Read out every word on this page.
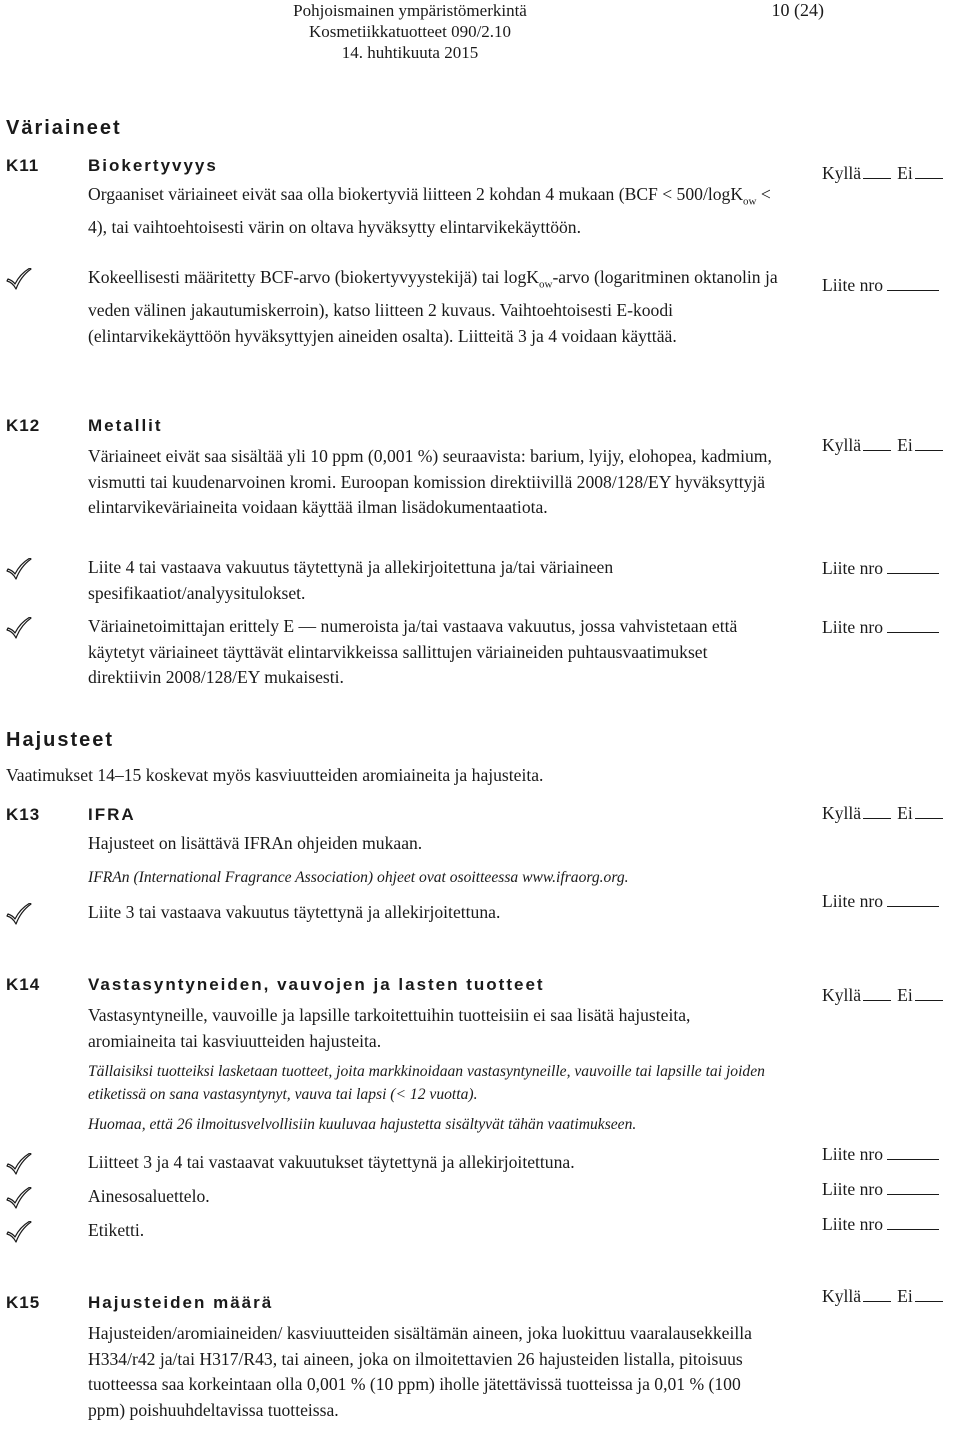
Pohjoismainen ympäristömerkintä
Kosmetiikkatuotteet 090/2.10
14. huhtikuuta 2015
10 (24)
Väriaineet
K11	Biokertyvyys
Orgaaniset väriaineet eivät saa olla biokertyviä liitteen 2 kohdan 4 mukaan (BCF < 500/logK$_{ow}$ < 4), tai vaihtoehtoisesti värin on oltava hyväksytty elintarvikekäyttöön.
Kokeellisesti määritetty BCF-arvo (biokertyvyystekijä) tai logK$_{ow}$-arvo (logaritminen oktanolin ja veden välinen jakautumiskerroin), katso liitteen 2 kuvaus. Vaihtoehtoisesti E-koodi (elintarvikekäyttöön hyväksyttyjen aineiden osalta). Liitteitä 3 ja 4 voidaan käyttää.
Kyllä Ei
Liite nro
K12	Metallit
Väriaineet eivät saa sisältää yli 10 ppm (0,001 %) seuraavista: barium, lyijy, elohopea, kadmium, vismutti tai kuudenarvoinen kromi. Euroopan komission direktiivillä 2008/128/EY hyväksyttyjä elintarvikeväriaineita voidaan käyttää ilman lisädokumentaatiota.
Liite 4 tai vastaava vakuutus täytettynä ja allekirjoitettuna ja/tai väriaineen spesifikaatiot/analyysitulokset.
Väriainetoimittajan erittely E — numeroista ja/tai vastaava vakuutus, jossa vahvistetaan että käytetyt väriaineet täyttävät elintarvikkeissa sallittujen väriaineiden puhtausvaatimukset direktiivin 2008/128/EY mukaisesti.
Kyllä Ei
Liite nro
Liite nro
Hajusteet
Vaatimukset 14–15 koskevat myös kasviuutteiden aromiaineita ja hajusteita.
K13	IFRA
Hajusteet on lisättävä IFRAn ohjeiden mukaan.
IFRAn (International Fragrance Association) ohjeet ovat osoitteessa www.ifraorg.org.
Liite 3 tai vastaava vakuutus täytettynä ja allekirjoitettuna.
Kyllä Ei
Liite nro
K14	Vastasyntyneiden, vauvojen ja lasten tuotteet
Vastasyntyneille, vauvoille ja lapsille tarkoitettuihin tuotteisiin ei saa lisätä hajusteita, aromiaineita tai kasviuutteiden hajusteita.
Tällaisiksi tuotteiksi lasketaan tuotteet, joita markkinoidaan vastasyntyneille, vauvoille tai lapsille tai joiden etiketissä on sana vastasyntynyt, vauva tai lapsi (< 12 vuotta).
Huomaa, että 26 ilmoitusvelvollisiin kuuluvaa hajustetta sisältyvät tähän vaatimukseen.
Liitteet 3 ja 4 tai vastaavat vakuutukset täytettynä ja allekirjoitettuna.
Ainesosaluettelo.
Etiketti.
Kyllä Ei
Liite nro
Liite nro
Liite nro
K15	Hajusteiden määrä
Hajusteiden/aromiaineiden/ kasviuutteiden sisältämän aineen, joka luokittuu vaaralausekkeilla H334/r42 ja/tai H317/R43, tai aineen, joka on ilmoitettavien 26 hajusteiden listalla, pitoisuus tuotteessa saa korkeintaan olla 0,001 % (10 ppm) iholle jätettävissä tuotteissa ja 0,01 % (100 ppm) poishuuhdeltavissa tuotteissa.
Kyllä Ei
